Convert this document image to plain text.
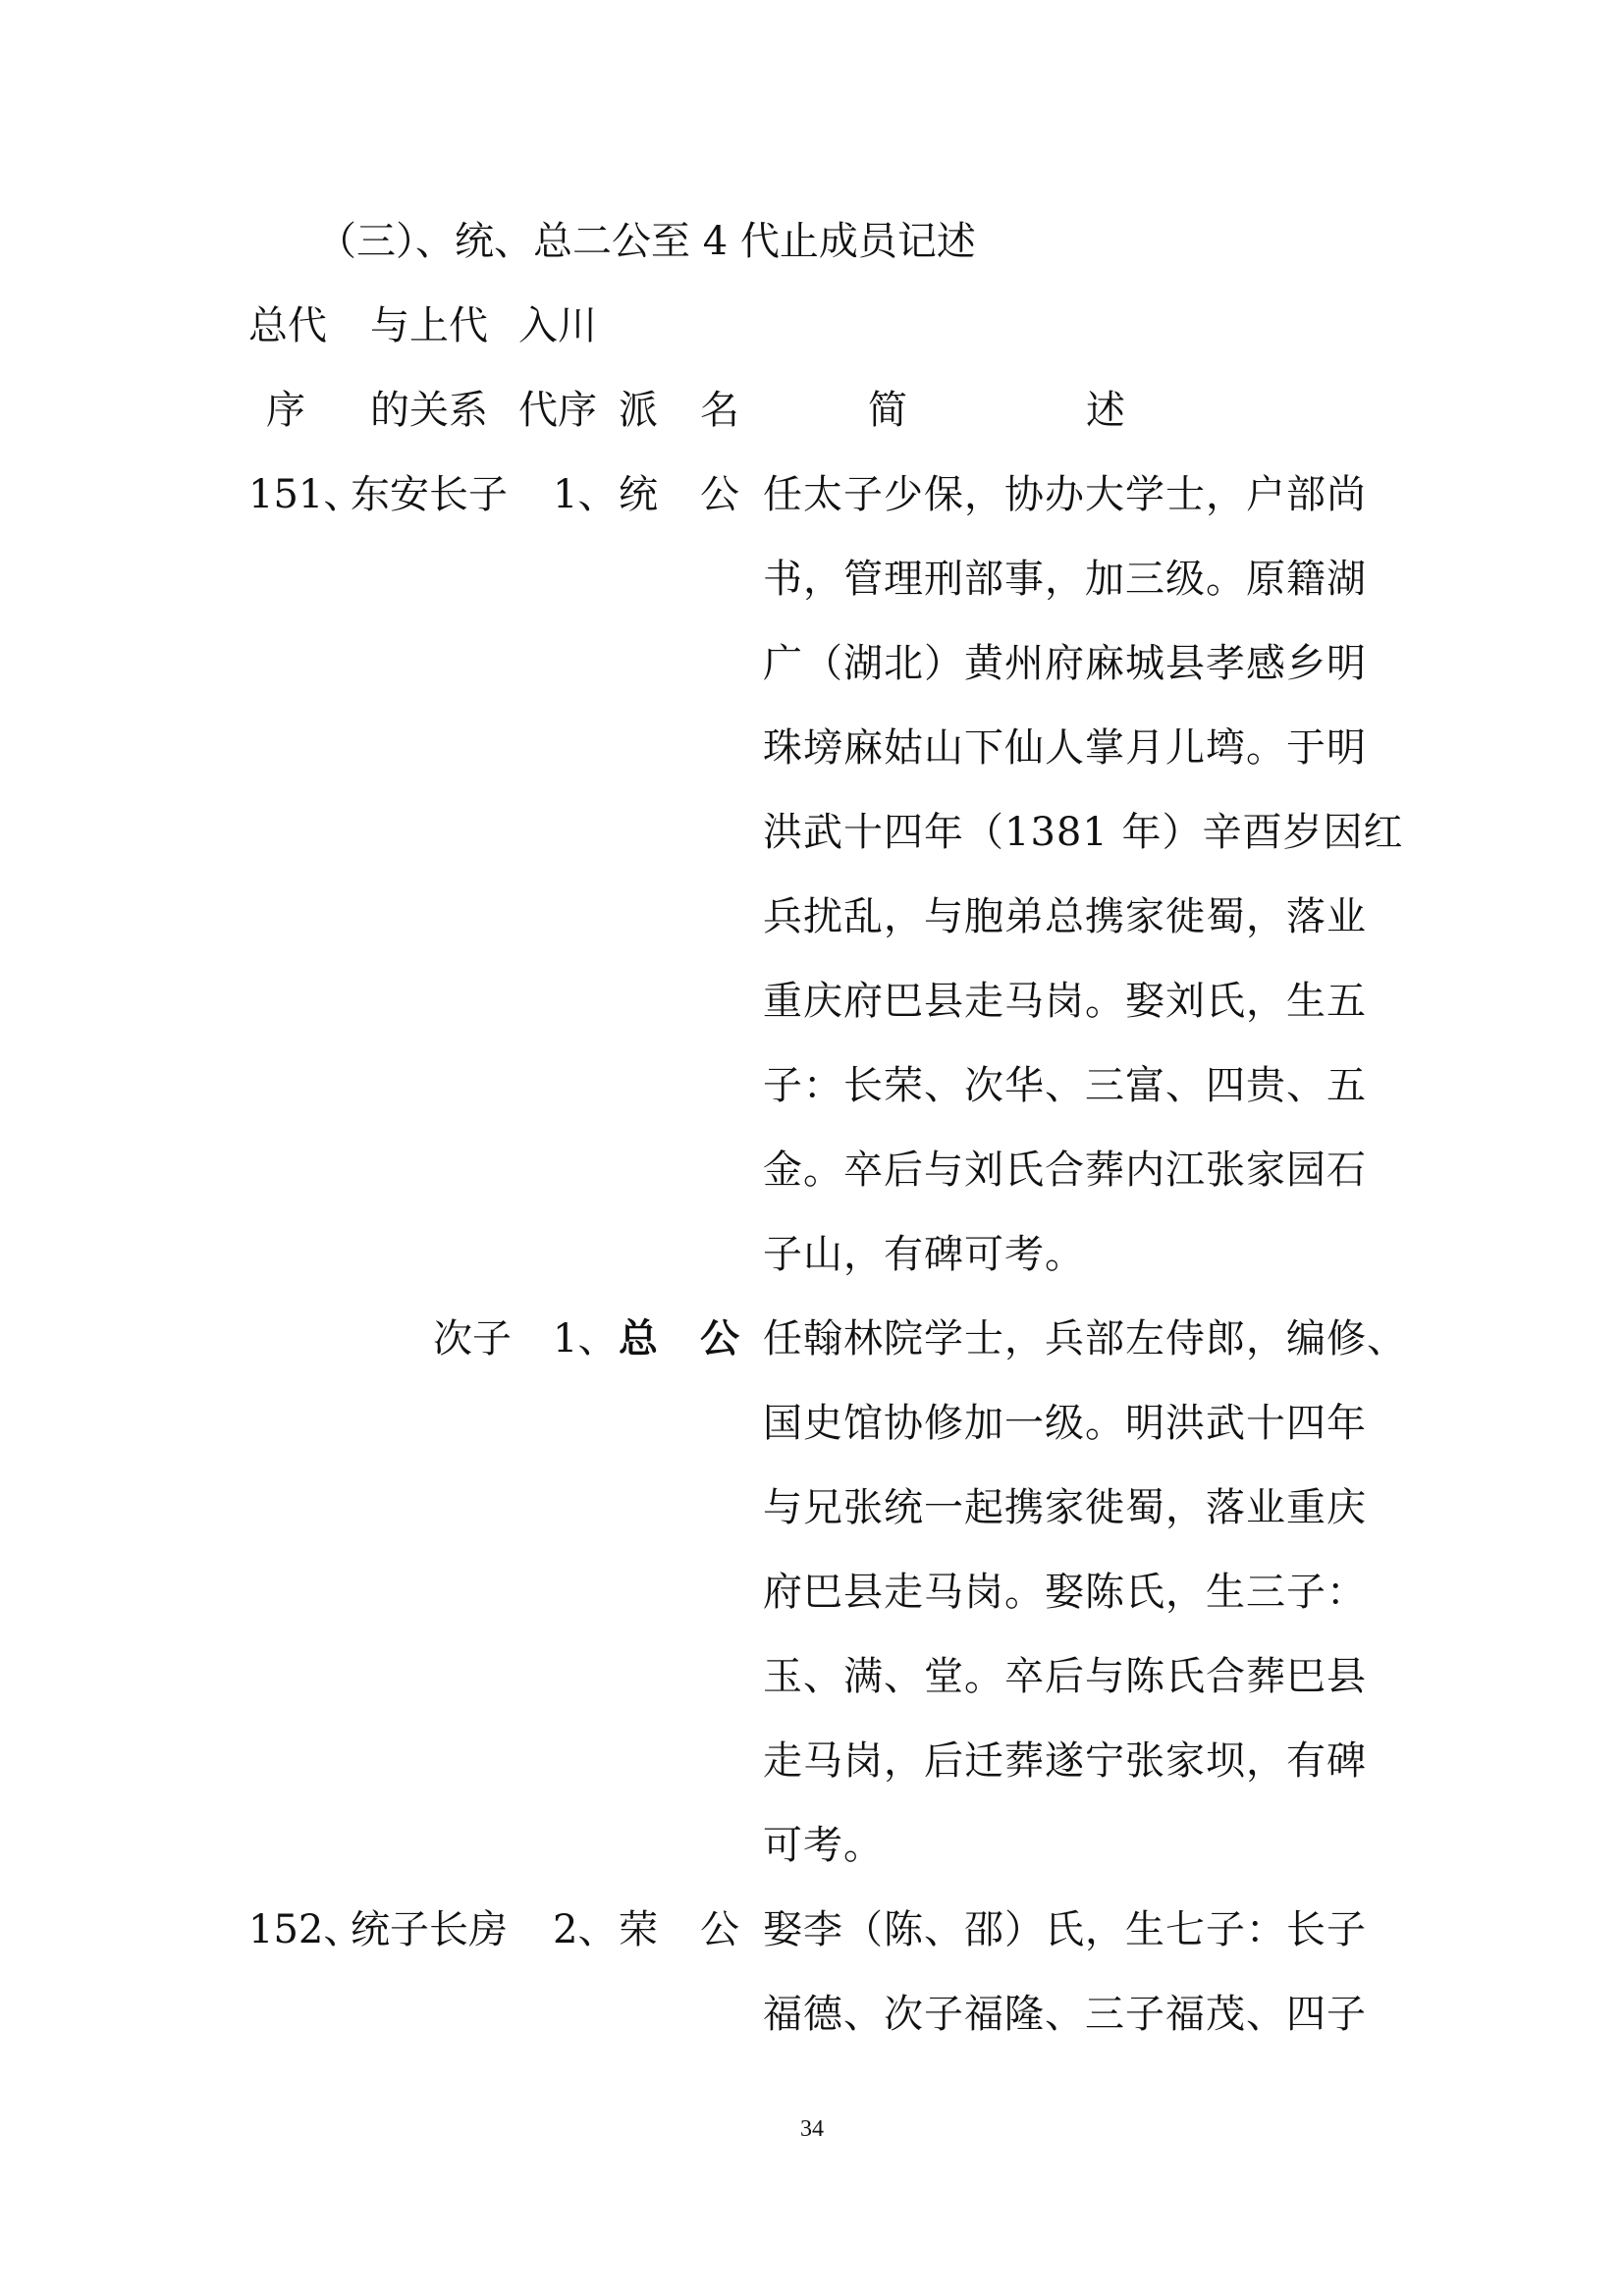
（三）、统、总二公至 4 代止成员记述
总代 与上代 入川
序 的关系 代序 派 名	简	述
151、
东安长子 1、 统 公 任太子少保，协办大学士，户部尚
书，管理刑部事，加三级。原籍湖
广（湖北）黄州府麻城县孝感乡明
珠塝麻姑山下仙人掌月儿塆。于明
洪武十四年（1381 年）辛酉岁因红
兵扰乱，与胞弟总携家徙蜀，落业
重庆府巴县走马岗。娶刘氏，生五
子：长荣、次华、三富、四贵、五
金。卒后与刘氏合葬内江张家园石
子山，有碑可考。
次子 1、 总 公 任翰林院学士，兵部左侍郎，编修、
国史馆协修加一级。明洪武十四年
与兄张统一起携家徙蜀，落业重庆
府巴县走马岗。娶陈氏，生三子：
玉、满、堂。卒后与陈氏合葬巴县
走马岗，后迁葬遂宁张家坝，有碑
可考。
152、
统子长房 2、 荣 公 娶李（陈、邵）氏，生七子：长子
福德、次子福隆、三子福茂、四子
34
